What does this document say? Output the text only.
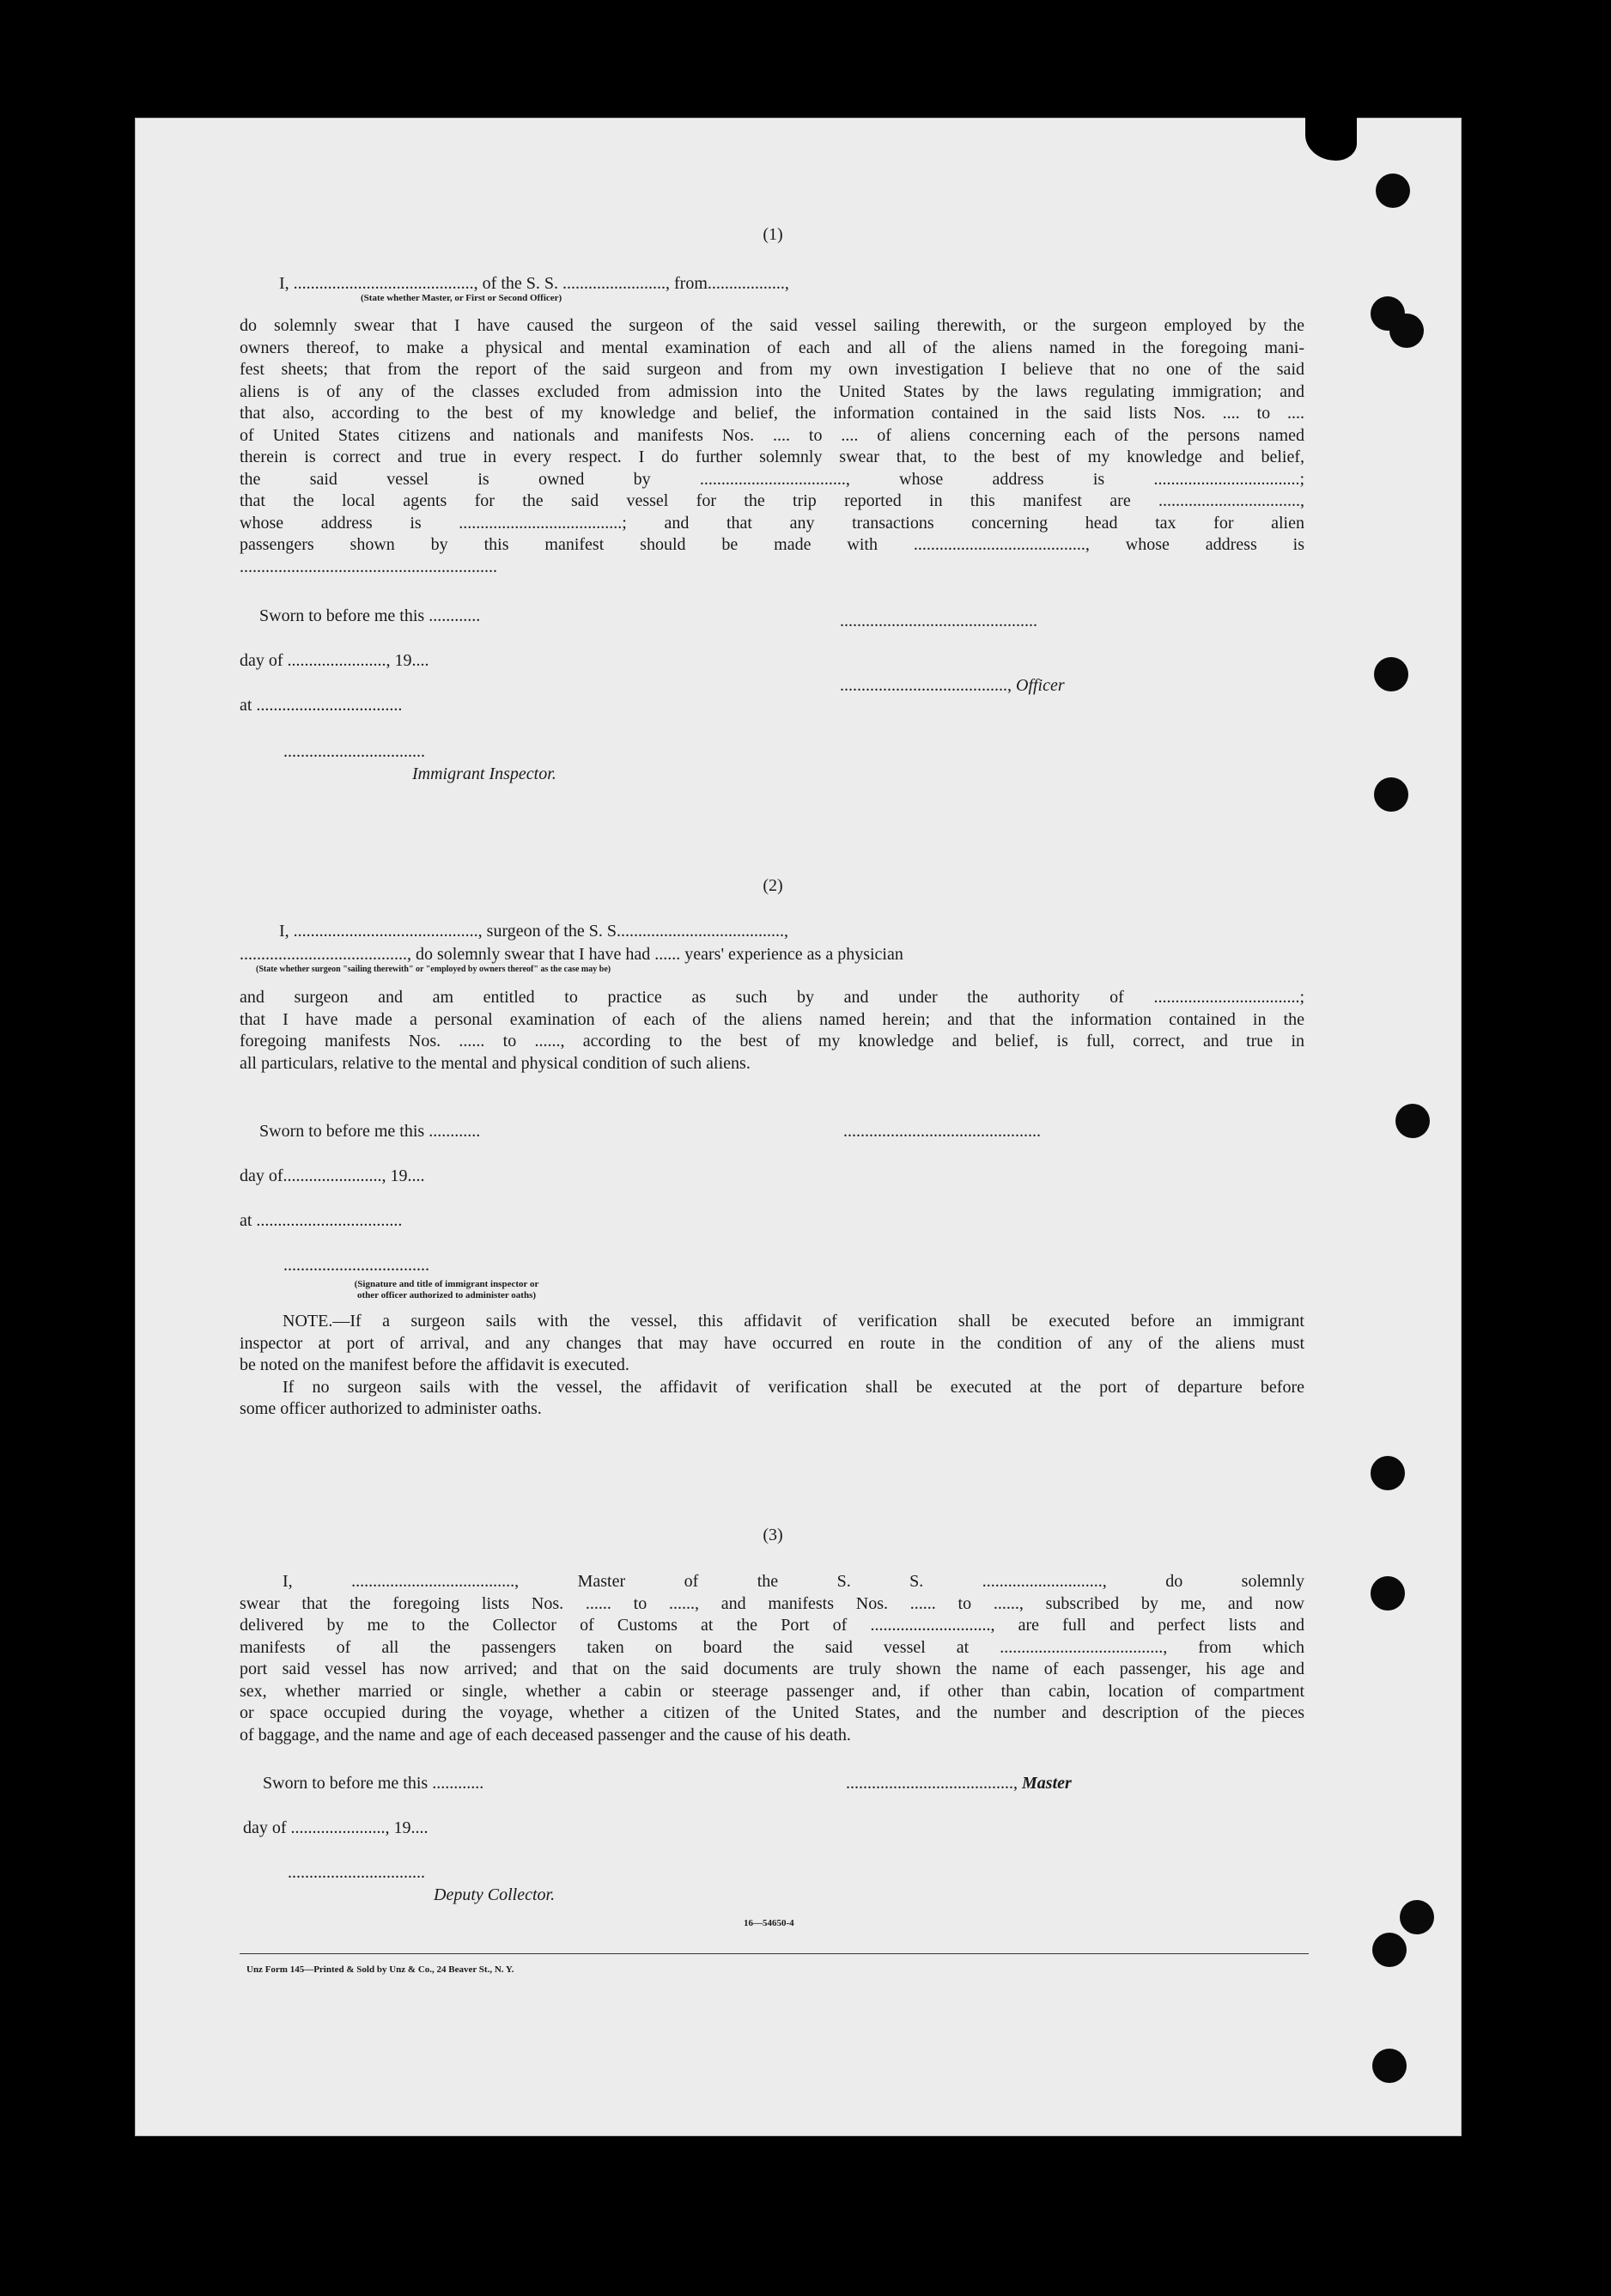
(1)
I, .........................................., of the S. S. ........................, from..................,
(State whether Master, or First or Second Officer)
do solemnly swear that I have caused the surgeon of the said vessel sailing therewith, or the surgeon employed by the
owners thereof, to make a physical and mental examination of each and all of the aliens named in the foregoing mani-
fest sheets; that from the report of the said surgeon and from my own investigation I believe that no one of the said
aliens is of any of the classes excluded from admission into the United States by the laws regulating immigration; and
that also, according to the best of my knowledge and belief, the information contained in the said lists Nos. .... to ....
of United States citizens and nationals and manifests Nos. .... to .... of aliens concerning each of the persons named
therein is correct and true in every respect. I do further solemnly swear that, to the best of my knowledge and belief,
the said vessel is owned by .................................., whose address is ..................................;
that the local agents for the said vessel for the trip reported in this manifest are .................................,
whose address is ......................................; and that any transactions concerning head tax for alien
passengers shown by this manifest should be made with ........................................, whose address is
............................................................
Sworn to before me this ............	..............................................
day of ......................., 19....
......................................., Officer
at ..................................
.................................
Immigrant Inspector.
(2)
I, ..........................................., surgeon of the S. S.......................................,
......................................., do solemnly swear that I have had ...... years' experience as a physician
(State whether surgeon "sailing therewith" or "employed by owners thereof" as the case may be)
and surgeon and am entitled to practice as such by and under the authority of ..................................;
that I have made a personal examination of each of the aliens named herein; and that the information contained in the
foregoing manifests Nos. ...... to ......, according to the best of my knowledge and belief, is full, correct, and true in
all particulars, relative to the mental and physical condition of such aliens.
Sworn to before me this ............	..............................................
day of......................., 19....
at ..................................
..................................
(Signature and title of immigrant inspector or
other officer authorized to administer oaths)
NOTE.—If a surgeon sails with the vessel, this affidavit of verification shall be executed before an immigrant
inspector at port of arrival, and any changes that may have occurred en route in the condition of any of the aliens must
be noted on the manifest before the affidavit is executed.
If no surgeon sails with the vessel, the affidavit of verification shall be executed at the port of departure before
some officer authorized to administer oaths.
(3)
I, ......................................, Master of the S. S. ............................, do solemnly
swear that the foregoing lists Nos. ...... to ......, and manifests Nos. ...... to ......, subscribed by me, and now
delivered by me to the Collector of Customs at the Port of ............................, are full and perfect lists and
manifests of all the passengers taken on board the said vessel at ......................................, from which
port said vessel has now arrived; and that on the said documents are truly shown the name of each passenger, his age and
sex, whether married or single, whether a cabin or steerage passenger and, if other than cabin, location of compartment
or space occupied during the voyage, whether a citizen of the United States, and the number and description of the pieces
of baggage, and the name and age of each deceased passenger and the cause of his death.
Sworn to before me this ............	......................................., Master
day of ......................, 19....
................................
Deputy Collector.
16—54650-4
Unz Form 145—Printed & Sold by Unz & Co., 24 Beaver St., N. Y.
